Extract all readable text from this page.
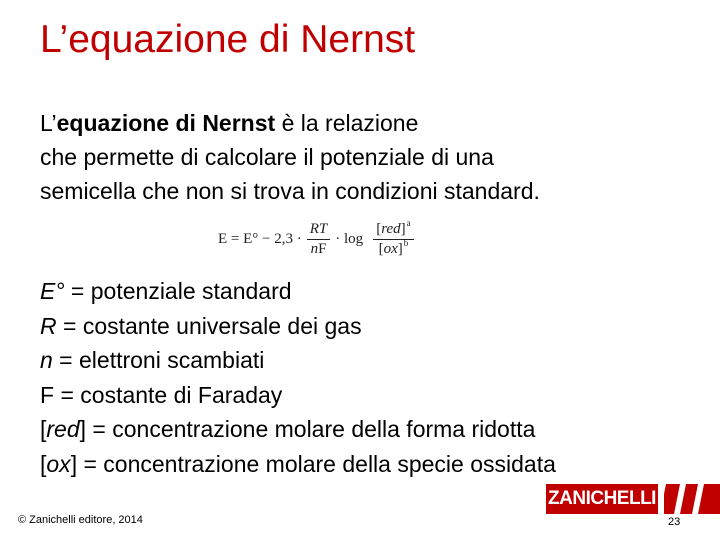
L’equazione di Nernst
L’equazione di Nernst è la relazione
che permette di calcolare il potenziale di una
semicella che non si trova in condizioni standard.
$E = E^\circ - 2,3 \cdot \frac{RT}{nF} \cdot \log \frac{[red]^a}{[ox]^b}$
E° = potenziale standard
R = costante universale dei gas
n = elettroni scambiati
F = costante di Faraday
[red] = concentrazione molare della forma ridotta
[ox] = concentrazione molare della specie ossidata
ZANICHELLI
© Zanichelli editore, 2014	23
